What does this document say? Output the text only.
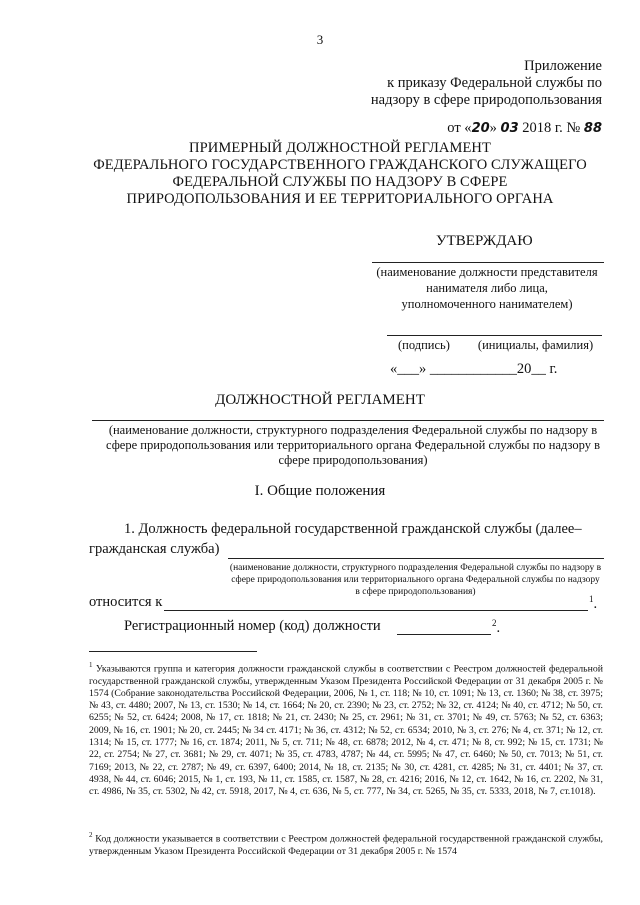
3
Приложение
к приказу Федеральной службы по
надзору в сфере природопользования
от «20» 03 2018 г. № 88
ПРИМЕРНЫЙ ДОЛЖНОСТНОЙ РЕГЛАМЕНТ
ФЕДЕРАЛЬНОГО ГОСУДАРСТВЕННОГО ГРАЖДАНСКОГО СЛУЖАЩЕГО
ФЕДЕРАЛЬНОЙ СЛУЖБЫ ПО НАДЗОРУ В СФЕРЕ
ПРИРОДОПОЛЬЗОВАНИЯ И ЕЕ ТЕРРИТОРИАЛЬНОГО ОРГАНА
УТВЕРЖДАЮ
(наименование должности представителя
нанимателя либо лица,
уполномоченного нанимателем)
(подпись) (инициалы, фамилия)
«___» ____________20__ г.
ДОЛЖНОСТНОЙ РЕГЛАМЕНТ
(наименование должности, структурного подразделения Федеральной службы по надзору в
сфере природопользования или территориального органа Федеральной службы по надзору в
сфере природопользования)
I. Общие положения
1. Должность федеральной государственной гражданской службы (далее–
гражданская служба)
(наименование должности, структурного подразделения Федеральной службы по надзору в сфере природопользования или территориального органа Федеральной службы по надзору в сфере природопользования)
относится к	$^1$.
Регистрационный номер (код) должности	$^2$.
$^1$ Указываются группа и категория должности гражданской службы в соответствии с Реестром должностей федеральной государственной гражданской службы, утвержденным Указом Президента Российской Федерации от 31 декабря 2005 г. № 1574 (Собрание законодательства Российской Федерации, 2006, № 1, ст. 118; № 10, ст. 1091; № 13, ст. 1360; № 38, ст. 3975; № 43, ст. 4480; 2007, № 13, ст. 1530; № 14, ст. 1664; № 20, ст. 2390; № 23, ст. 2752; № 32, ст. 4124; № 40, ст. 4712; № 50, ст. 6255; № 52, ст. 6424; 2008, № 17, ст. 1818; № 21, ст. 2430; № 25, ст. 2961; № 31, ст. 3701; № 49, ст. 5763; № 52, ст. 6363; 2009, № 16, ст. 1901; № 20, ст. 2445; № 34 ст. 4171; № 36, ст. 4312; № 52, ст. 6534; 2010, № 3, ст. 276; № 4, ст. 371; № 12, ст. 1314; № 15, ст. 1777; № 16, ст. 1874; 2011, № 5, ст. 711; № 48, ст. 6878; 2012, № 4, ст. 471; № 8, ст. 992; № 15, ст. 1731; № 22, ст. 2754; № 27, ст. 3681; № 29, ст. 4071; № 35, ст. 4783, 4787; № 44, ст. 5995; № 47, ст. 6460; № 50, ст. 7013; № 51, ст. 7169; 2013, № 22, ст. 2787; № 49, ст. 6397, 6400; 2014, № 18, ст. 2135; № 30, ст. 4281, ст. 4285; № 31, ст. 4401; № 37, ст. 4938, № 44, ст. 6046; 2015, № 1, ст. 193, № 11, ст. 1585, ст. 1587, № 28, ст. 4216; 2016, № 12, ст. 1642, № 16, ст. 2202, № 31, ст. 4986, № 35, ст. 5302, № 42, ст. 5918, 2017, № 4, ст. 636, № 5, ст. 777, № 34, ст. 5265, № 35, ст. 5333, 2018, № 7, ст.1018).
$^2$ Код должности указывается в соответствии с Реестром должностей федеральной государственной гражданской службы, утвержденным Указом Президента Российской Федерации от 31 декабря 2005 г. № 1574
